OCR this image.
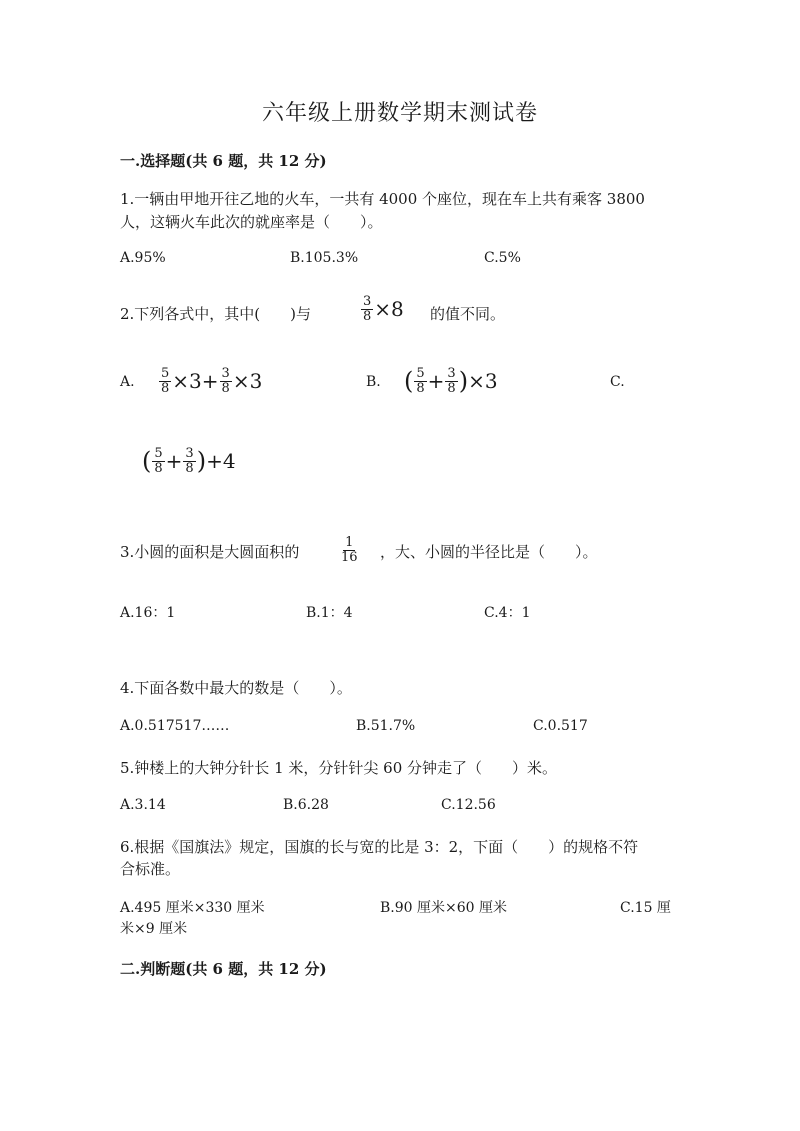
六年级上册数学期末测试卷
一.选择题(共 6 题，共 12 分)
1.一辆由甲地开往乙地的火车，一共有 4000 个座位，现在车上共有乘客 3800
人，这辆火车此次的就座率是（　　）。
A.95%	B.105.3%	C.5%
2.下列各式中，其中(　　)与	$\frac{3}{8} \times 8$ 的值不同。
A. $\frac{5}{8} \times 3+ \frac{3}{8} \times 3$	B. ( $\frac{5}{8} + \frac{3}{8}$ ) ×3	C.
( $\frac{5}{8} + \frac{3}{8}$ ) +4
3.小圆的面积是大圆面积的	$\frac{1}{16}$ ，大、小圆的半径比是（　　）。
A.16：1	B.1：4	C.4：1
4.下面各数中最大的数是（　　）。
A.0.517517……	B.51.7%	C.0.517
5.钟楼上的大钟分针长 1 米，分针针尖 60 分钟走了（　　）米。
A.3.14	B.6.28	C.12.56
6.根据《国旗法》规定，国旗的长与宽的比是 3：2，下面（　　）的规格不符
合标准。
A.495 厘米×330 厘米	B.90 厘米×60 厘米	C.15 厘
米×9 厘米
二.判断题(共 6 题，共 12 分)
